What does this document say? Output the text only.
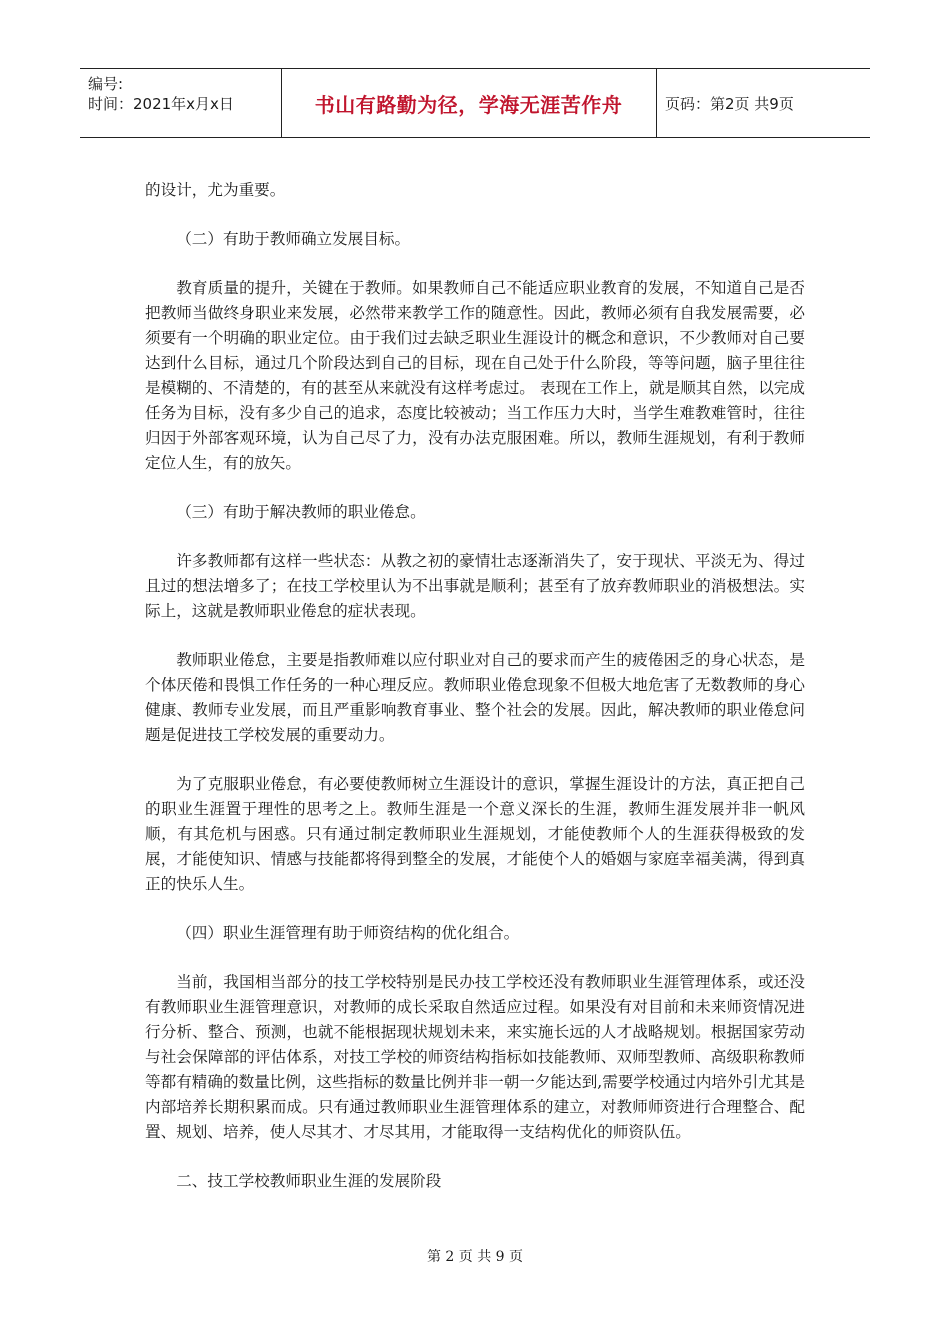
编号:
时间：2021年x月x日	书山有路勤为径，学海无涯苦作舟	页码：第2页 共9页

的设计，尤为重要。

（二）有助于教师确立发展目标。

教育质量的提升，关键在于教师。如果教师自己不能适应职业教育的发展，不知道自己是否把教师当做终身职业来发展，必然带来教学工作的随意性。因此，教师必须有自我发展需要，必须要有一个明确的职业定位。由于我们过去缺乏职业生涯设计的概念和意识，不少教师对自己要达到什么目标，通过几个阶段达到自己的目标，现在自己处于什么阶段，等等问题，脑子里往往是模糊的、不清楚的，有的甚至从来就没有这样考虑过。 表现在工作上，就是顺其自然，以完成任务为目标，没有多少自己的追求，态度比较被动；当工作压力大时，当学生难教难管时，往往归因于外部客观环境，认为自己尽了力，没有办法克服困难。所以，教师生涯规划，有利于教师定位人生，有的放矢。

（三）有助于解决教师的职业倦怠。

许多教师都有这样一些状态：从教之初的豪情壮志逐渐消失了，安于现状、平淡无为、得过且过的想法增多了；在技工学校里认为不出事就是顺利；甚至有了放弃教师职业的消极想法。实际上，这就是教师职业倦怠的症状表现。

教师职业倦怠，主要是指教师难以应付职业对自己的要求而产生的疲倦困乏的身心状态，是个体厌倦和畏惧工作任务的一种心理反应。教师职业倦怠现象不但极大地危害了无数教师的身心健康、教师专业发展，而且严重影响教育事业、整个社会的发展。因此，解决教师的职业倦怠问题是促进技工学校发展的重要动力。

为了克服职业倦怠，有必要使教师树立生涯设计的意识，掌握生涯设计的方法，真正把自己的职业生涯置于理性的思考之上。教师生涯是一个意义深长的生涯，教师生涯发展并非一帆风顺，有其危机与困惑。只有通过制定教师职业生涯规划，才能使教师个人的生涯获得极致的发展，才能使知识、情感与技能都将得到整全的发展，才能使个人的婚姻与家庭幸福美满，得到真正的快乐人生。

（四）职业生涯管理有助于师资结构的优化组合。

当前，我国相当部分的技工学校特别是民办技工学校还没有教师职业生涯管理体系，或还没有教师职业生涯管理意识，对教师的成长采取自然适应过程。如果没有对目前和未来师资情况进行分析、整合、预测，也就不能根据现状规划未来，来实施长远的人才战略规划。根据国家劳动与社会保障部的评估体系，对技工学校的师资结构指标如技能教师、双师型教师、高级职称教师等都有精确的数量比例，这些指标的数量比例并非一朝一夕能达到,需要学校通过内培外引尤其是内部培养长期积累而成。只有通过教师职业生涯管理体系的建立，对教师师资进行合理整合、配置、规划、培养，使人尽其才、才尽其用，才能取得一支结构优化的师资队伍。

二、技工学校教师职业生涯的发展阶段

第 2 页 共 9 页
